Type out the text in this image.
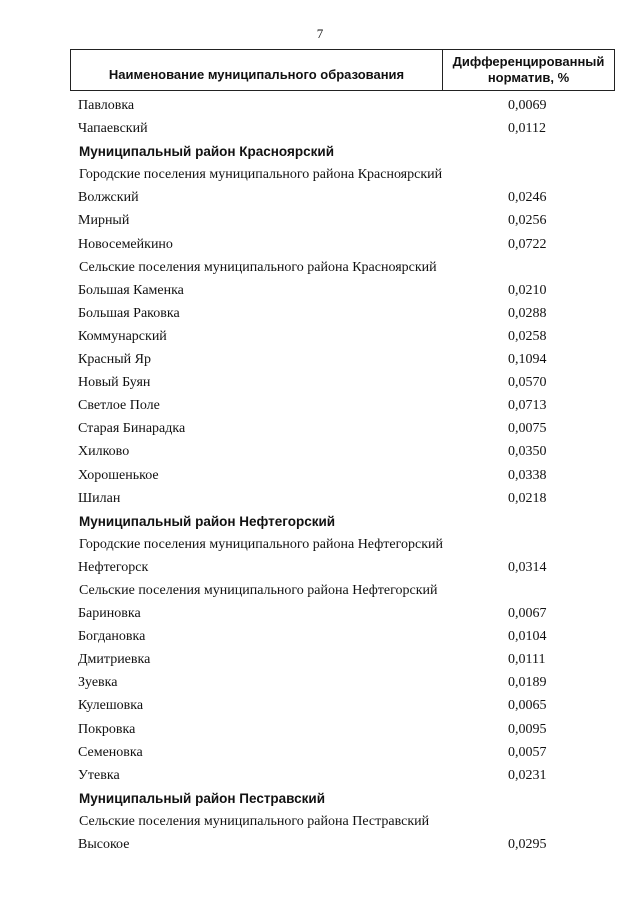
7
Наименование муниципального образования
Дифференцированный
норматив, %
Павловка	0,0069
Чапаевский	0,0112
Муниципальный район Красноярский
Городские поселения муниципального района Красноярский
Волжский	0,0246
Мирный	0,0256
Новосемейкино	0,0722
Сельские поселения муниципального района Красноярский
Большая Каменка	0,0210
Большая Раковка	0,0288
Коммунарский	0,0258
Красный Яр	0,1094
Новый Буян	0,0570
Светлое Поле	0,0713
Старая Бинарадка	0,0075
Хилково	0,0350
Хорошенькое	0,0338
Шилан	0,0218
Муниципальный район Нефтегорский
Городские поселения муниципального района Нефтегорский
Нефтегорск	0,0314
Сельские поселения муниципального района Нефтегорский
Бариновка	0,0067
Богдановка	0,0104
Дмитриевка	0,0111
Зуевка	0,0189
Кулешовка	0,0065
Покровка	0,0095
Семеновка	0,0057
Утевка	0,0231
Муниципальный район Пестравский
Сельские поселения муниципального района Пестравский
Высокое	0,0295
